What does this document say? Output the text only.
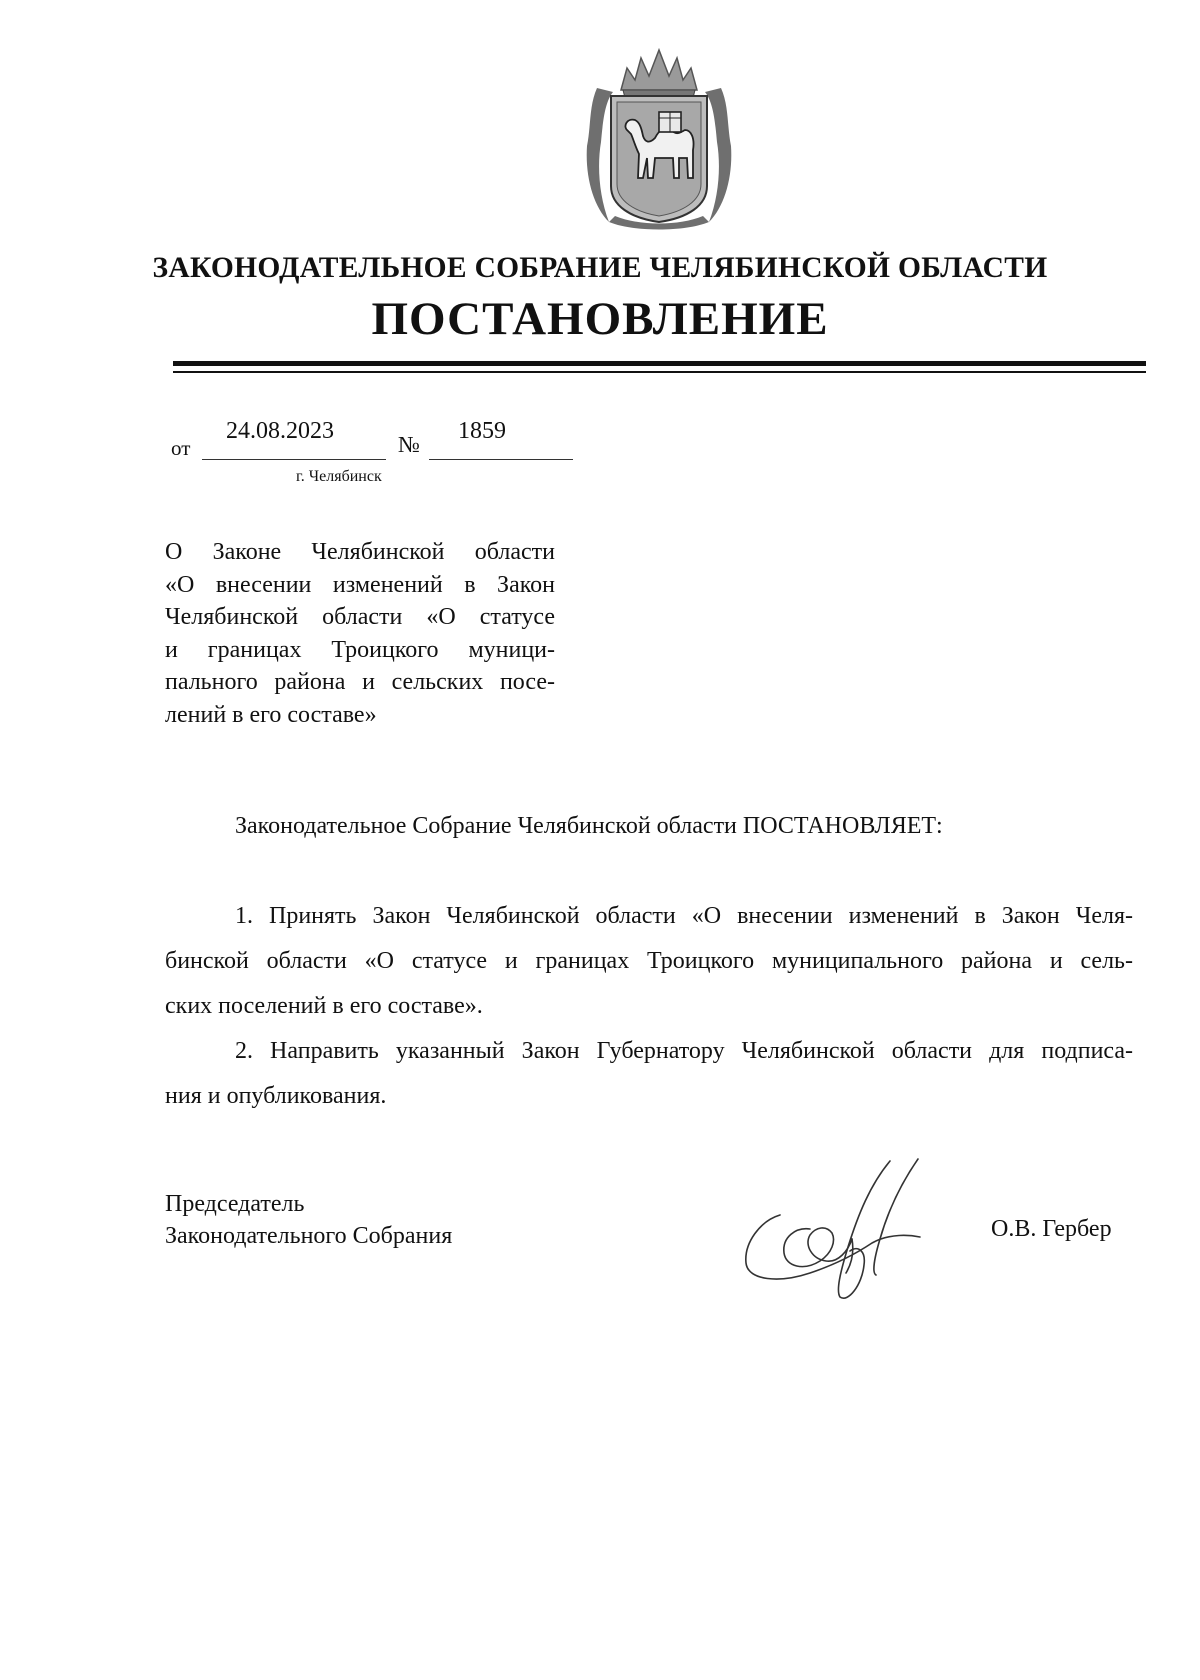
ЗАКОНОДАТЕЛЬНОЕ СОБРАНИЕ ЧЕЛЯБИНСКОЙ ОБЛАСТИ
ПОСТАНОВЛЕНИЕ
от
24.08.2023
№
1859
г. Челябинск
О Законе Челябинской области
«О внесении изменений в Закон
Челябинской области «О статусе
и границах Троицкого муници-
пального района и сельских посе-
лений в его составе»
Законодательное Собрание Челябинской области ПОСТАНОВЛЯЕТ:
1. Принять Закон Челябинской области «О внесении изменений в Закон Челя-
бинской области «О статусе и границах Троицкого муниципального района и сель-
ских поселений в его составе».
2. Направить указанный Закон Губернатору Челябинской области для подписа-
ния и опубликования.
Председатель
Законодательного Собрания	О.В. Гербер
